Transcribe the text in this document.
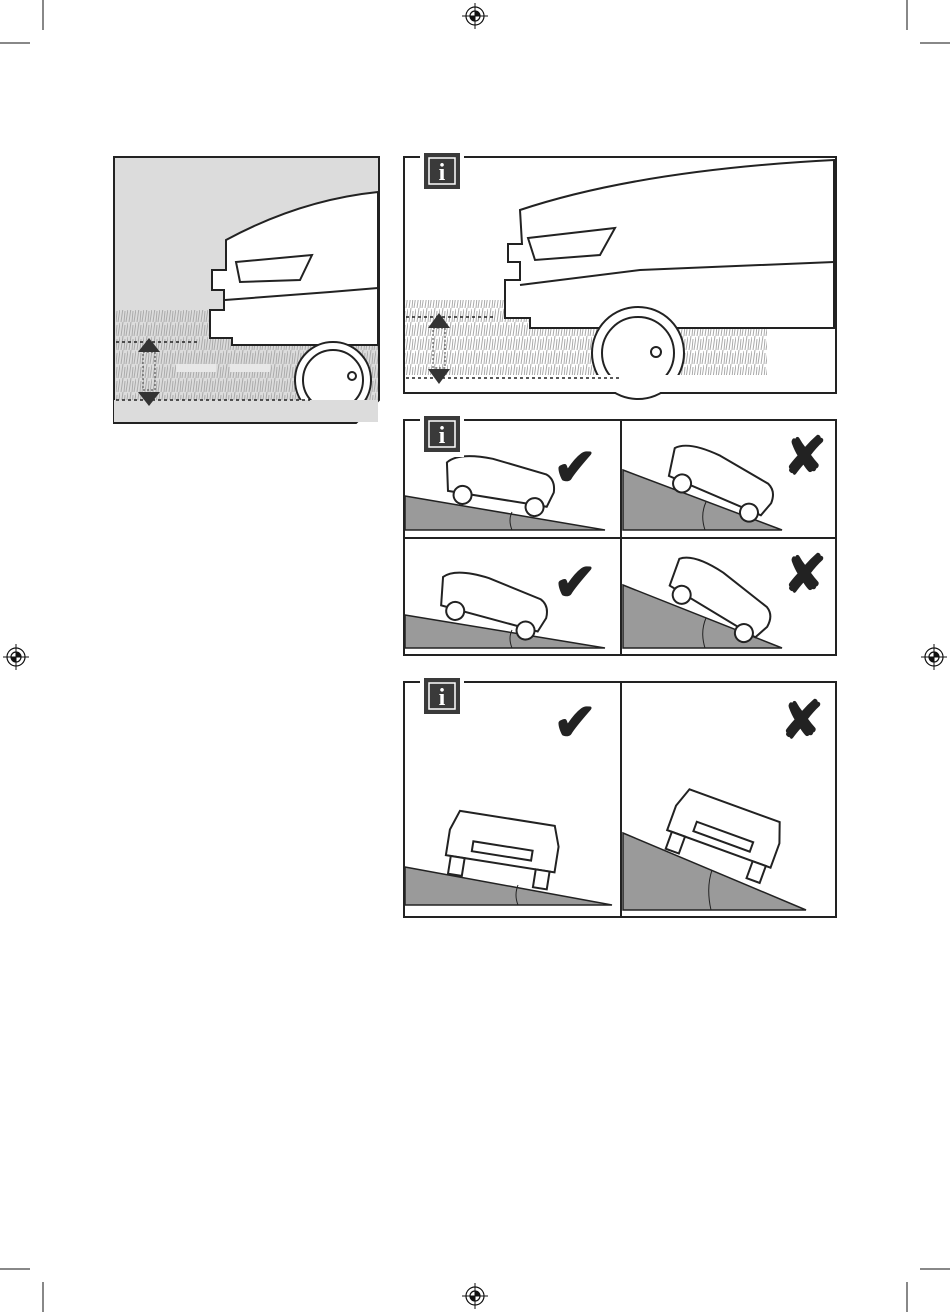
i
✔	✘
✔	✘
i
✔	✘
i
